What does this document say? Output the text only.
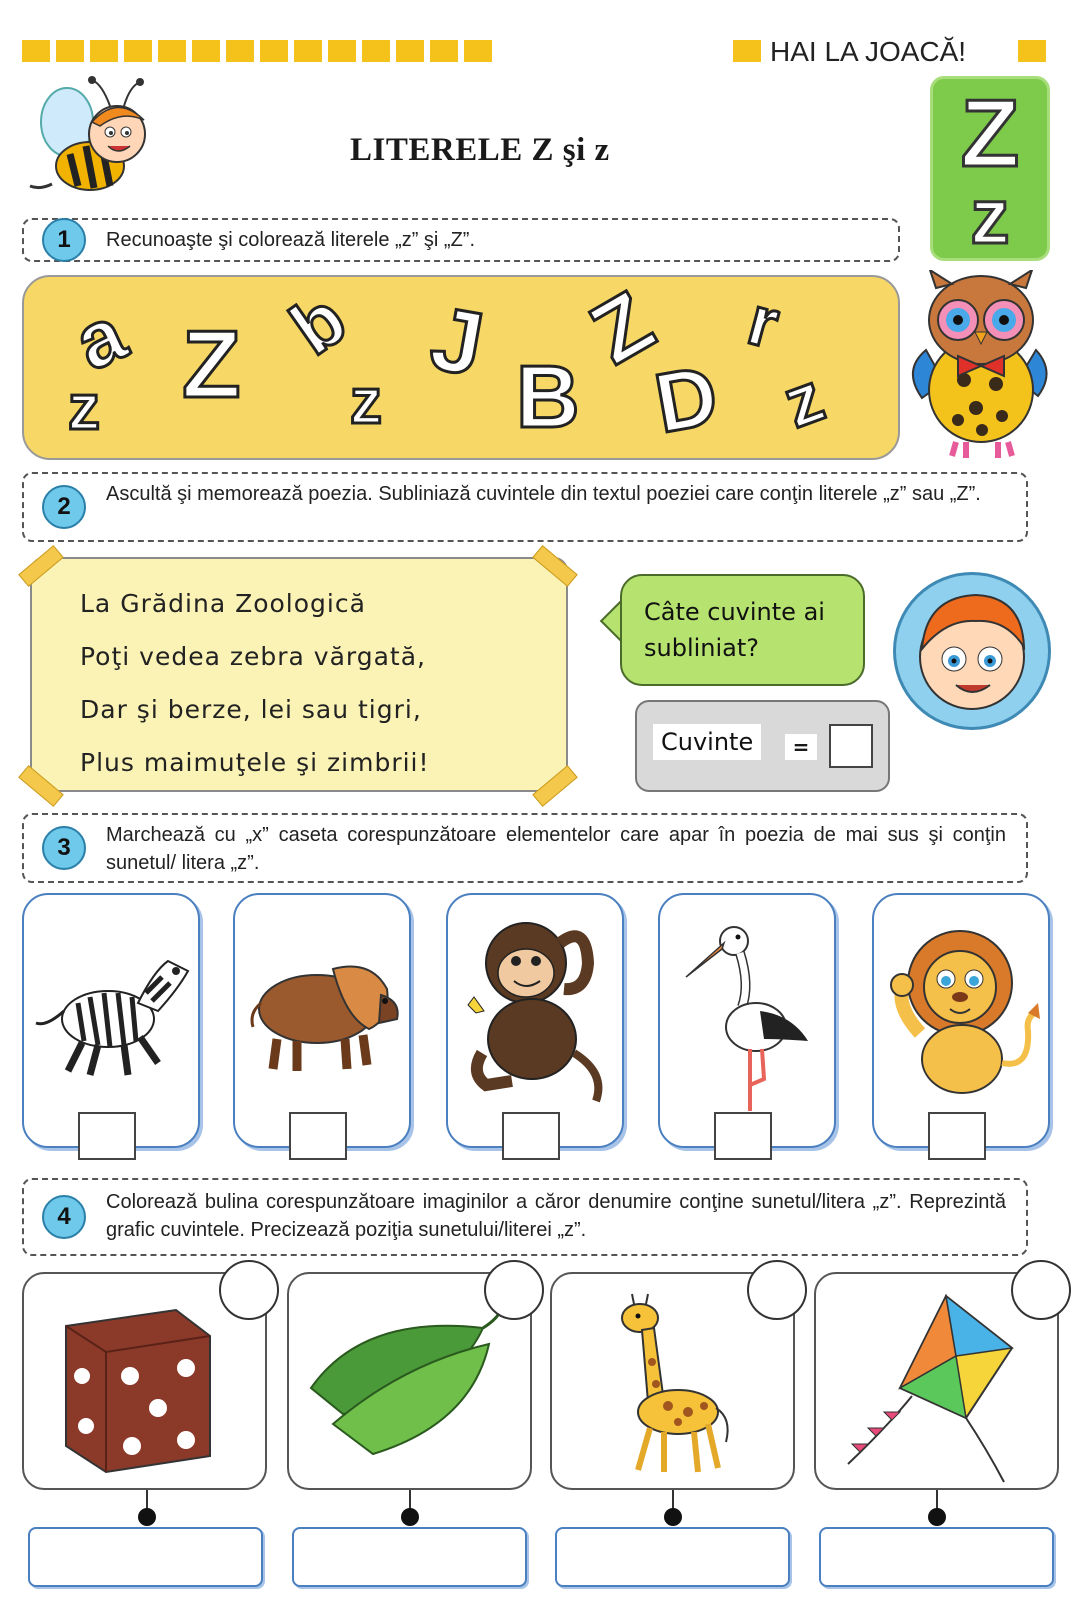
HAI LA JOACĂ!
LITERELE Z şi z	Z
z
1	Recunoaşte şi colorează literele „z” şi „Z”.
a
z Z b
z
J
B
Z
D
r
z
2	Ascultă şi memorează poezia. Subliniază cuvintele din textul poeziei care conţin literele „z” sau „Z”.
La Grădina Zoologică
Poţi vedea zebra vărgată,
Dar şi berze, lei sau tigri,
Plus maimuţele şi zimbrii!
Câte cuvinte ai
subliniat?
Cuvinte	=
3	Marchează cu „x” caseta corespunzătoare elementelor care apar în poezia de mai sus şi conţin sunetul/ litera „z”.
4
Colorează bulina corespunzătoare imaginilor a căror denumire conţine sunetul/litera „z”. Reprezintă grafic cuvintele. Precizează poziţia sunetului/literei „z”.
